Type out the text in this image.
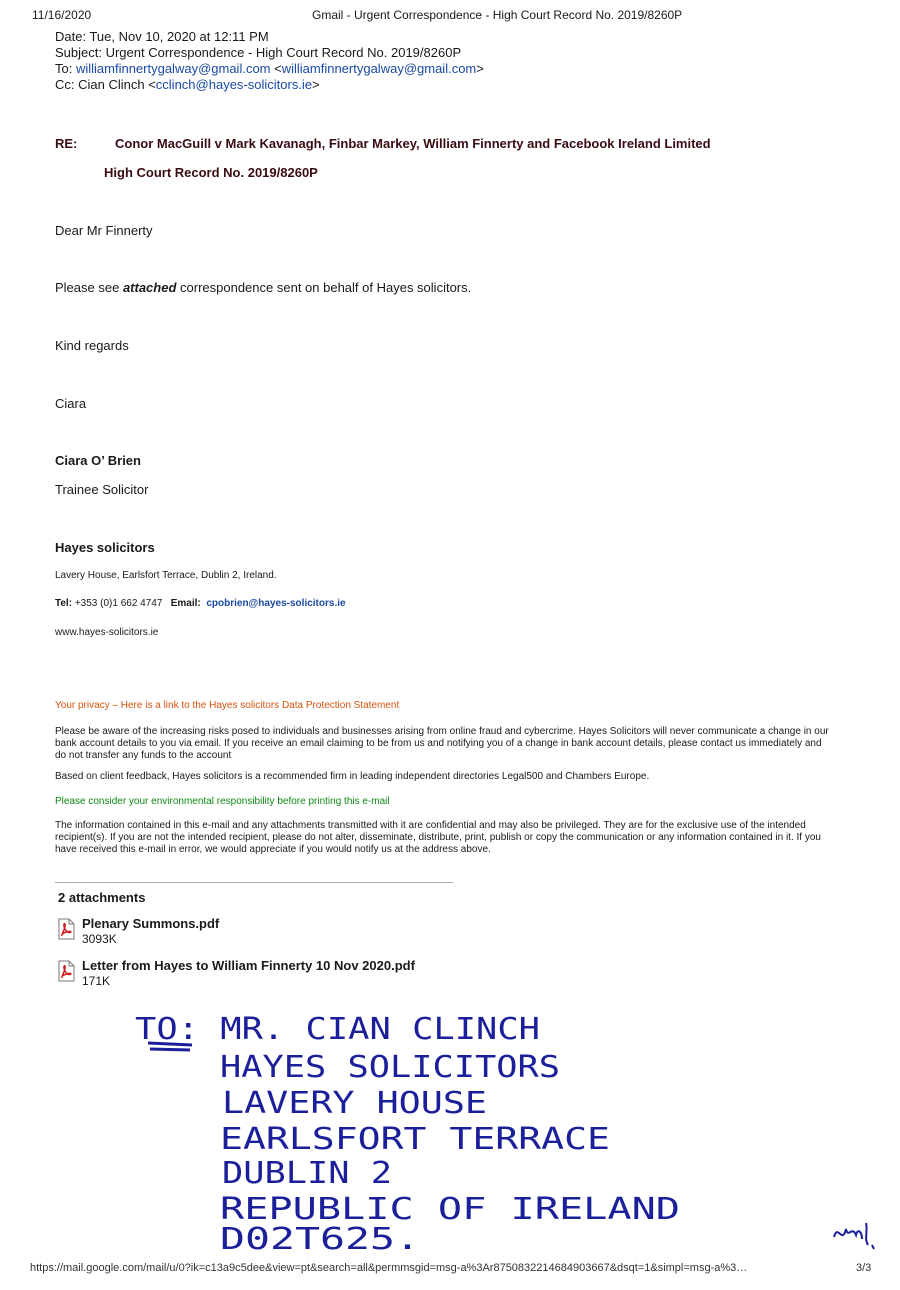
11/16/2020	Gmail - Urgent Correspondence - High Court Record No. 2019/8260P
Date: Tue, Nov 10, 2020 at 12:11 PM
Subject: Urgent Correspondence - High Court Record No. 2019/8260P
To: williamfinnertygalway@gmail.com <williamfinnertygalway@gmail.com>
Cc: Cian Clinch <cclinch@hayes-solicitors.ie>
RE:	Conor MacGuill v Mark Kavanagh, Finbar Markey, William Finnerty and Facebook Ireland Limited
High Court Record No. 2019/8260P
Dear Mr Finnerty
Please see attached correspondence sent on behalf of Hayes solicitors.
Kind regards
Ciara
Ciara O’ Brien
Trainee Solicitor
Hayes solicitors
Lavery House, Earlsfort Terrace, Dublin 2, Ireland.
Tel: +353 (0)1 662 4747 Email: cpobrien@hayes-solicitors.ie
www.hayes-solicitors.ie
Your privacy – Here is a link to the Hayes solicitors Data Protection Statement
Please be aware of the increasing risks posed to individuals and businesses arising from online fraud and cybercrime. Hayes Solicitors will never communicate a change in our bank account details to you via email. If you receive an email claiming to be from us and notifying you of a change in bank account details, please contact us immediately and do not transfer any funds to the account
Based on client feedback, Hayes solicitors is a recommended firm in leading independent directories Legal500 and Chambers Europe.
Please consider your environmental responsibility before printing this e-mail
The information contained in this e-mail and any attachments transmitted with it are confidential and may also be privileged. They are for the exclusive use of the intended recipient(s). If you are not the intended recipient, please do not alter, disseminate, distribute, print, publish or copy the communication or any information contained in it. If you have received this e-mail in error, we would appreciate if you would notify us at the address above.
2 attachments
Plenary Summons.pdf
3093K
Letter from Hayes to William Finnerty 10 Nov 2020.pdf
171K
TO: MR. CIAN CLINCH
HAYES SOLICITORS
LAVERY HOUSE
EARLSFORT TERRACE
DUBLIN 2
REPUBLIC OF IRELAND
D02T625.
https://mail.google.com/mail/u/0?ik=c13a9c5dee&view=pt&search=all&permmsgid=msg-a%3Ar8750832214684903667&dsqt=1&simpl=msg-a%3…	3/3
